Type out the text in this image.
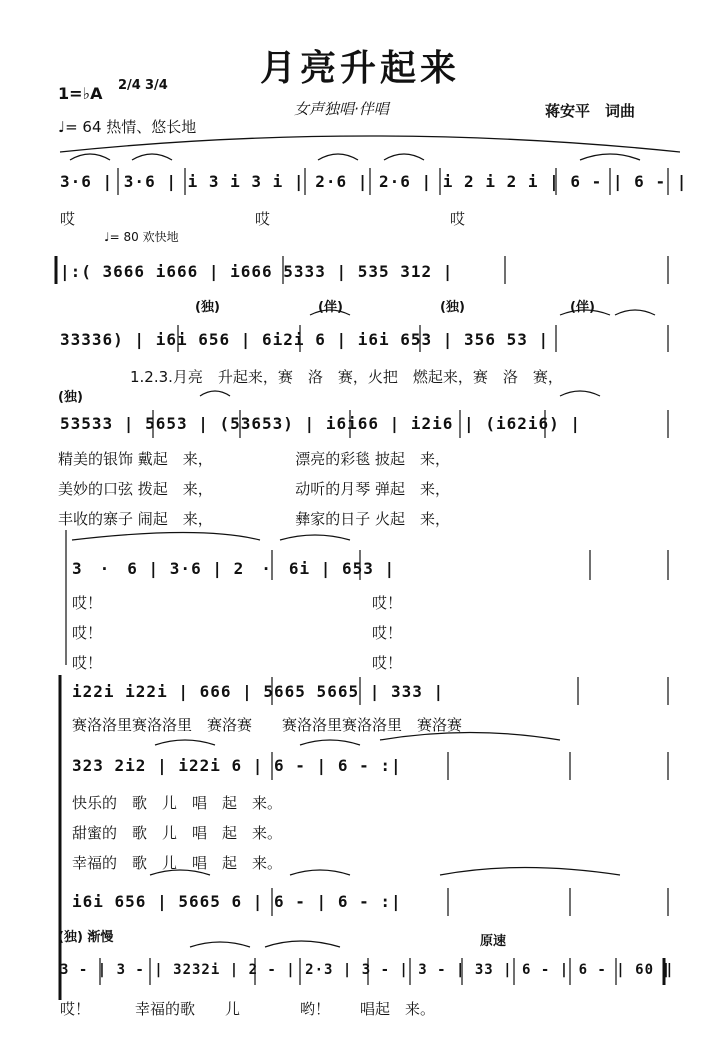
月亮升起来
1=♭A 2/4 3/4
♩= 64 热情、悠长地
女声独唱·伴唱	蒋安平　词曲
3·6 | 3·6 | i 3 i 3 i | 2·6 | 2·6 | i 2 i 2 i | 6 - | 6 - |
哎　　　　　　　　　　　　哎　　　　　　　　　　　　哎
♩= 80 欢快地
|:( 3666 i666 | i666 5333 | 535 312 |
(独)	(伴)	(独)	(伴)
33336) | i6i 656 | 6i2i 6 | i6i 653 | 356 53 |
1.2.3.月亮　升起来，赛　洛　赛，火把　燃起来，赛　洛　赛，
(独)
53533 | 5653 | (53653) | i6i66 | i2i6 | (i62i6) |
精美的银饰 戴起　来，　　　　　　漂亮的彩毯 披起　来，
美妙的口弦 拨起　来，　　　　　　动听的月琴 弹起　来，
丰收的寨子 闹起　来，　　　　　　彝家的日子 火起　来，
3　·　6 | 3·6 | 2　·　6i | 653 |
哎！	哎！
哎！	哎！
哎！	哎！
i22i i22i | 666 | 5665 5665 | 333 |
赛洛洛里赛洛洛里　赛洛赛　　赛洛洛里赛洛洛里　赛洛赛
323 2i2 | i22i 6 | 6 - | 6 - :|
快乐的　歌　儿　唱　起　来。
甜蜜的　歌　儿　唱　起　来。
幸福的　歌　儿　唱　起　来。
i6i 656 | 5665 6 | 6 - | 6 - :|
(独) 渐慢	原速
3 - | 3 - | 3232i | 2 - | 2·3 | 3 - | 3 - | 33 | 6 - | 6 - | 60 ‖
哎！　　　幸福的歌　　儿　　　　哟！　　唱起　来。
